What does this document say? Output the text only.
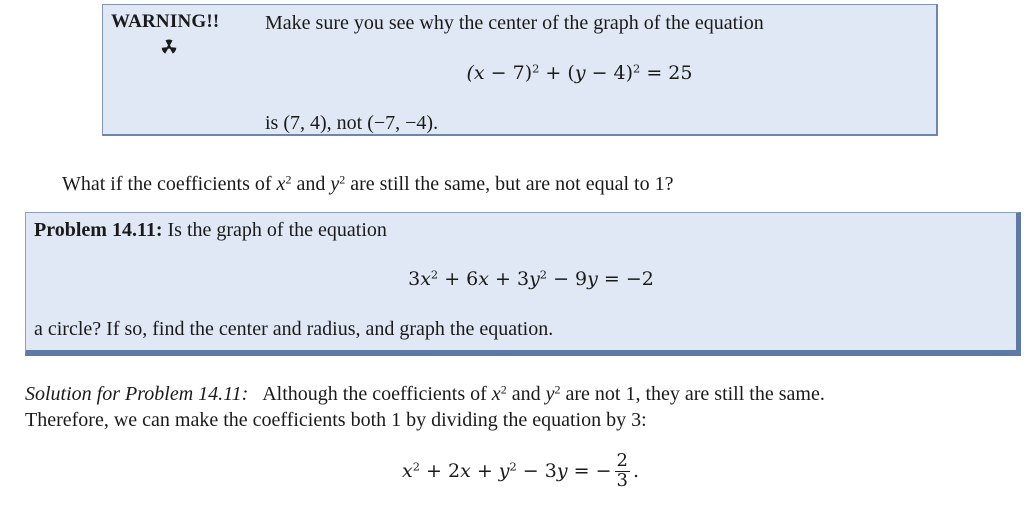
WARNING!! Make sure you see why the center of the graph of the equation
$(x - 7)^2 + (y - 4)^2 = 25$
is (7, 4), not (−7, −4).
What if the coefficients of $x^2$ and $y^2$ are still the same, but are not equal to 1?
Problem 14.11: Is the graph of the equation
$3x^2 + 6x + 3y^2 - 9y = -2$
a circle? If so, find the center and radius, and graph the equation.
Solution for Problem 14.11:   Although the coefficients of $x^2$ and $y^2$ are not 1, they are still the same.
Therefore, we can make the coefficients both 1 by dividing the equation by 3:
$x^2 + 2x + y^2 - 3y$ = − $\frac{2}{3}$ .
